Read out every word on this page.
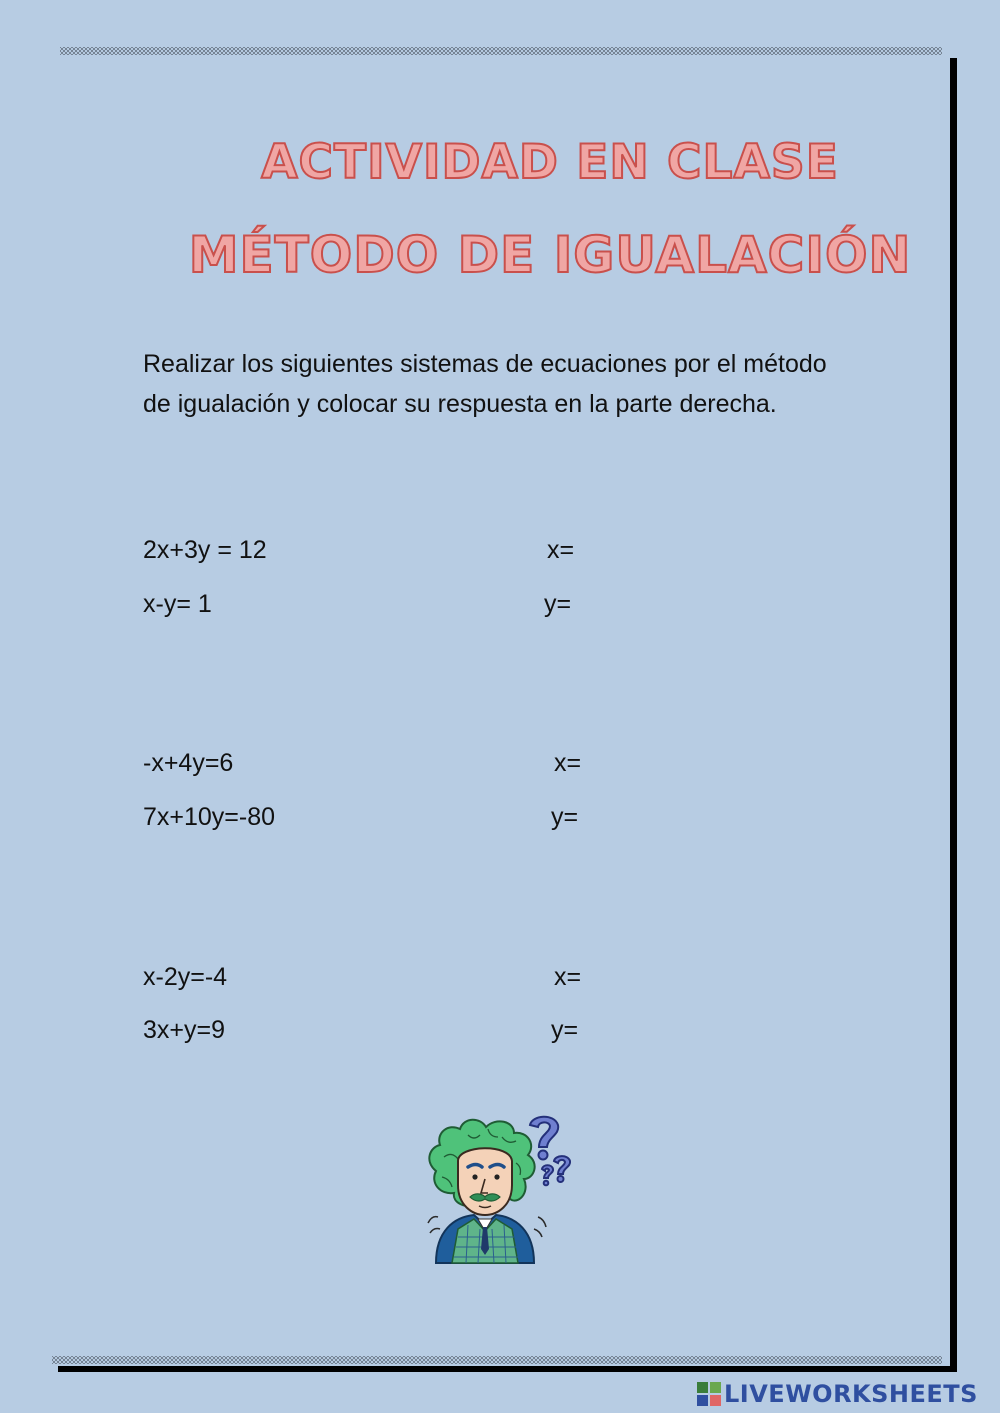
ACTIVIDAD EN CLASE
MÉTODO DE IGUALACIÓN

Realizar los siguientes sistemas de ecuaciones por el método de igualación y colocar su respuesta en la parte derecha.

2x+3y = 12	x=
x-y= 1	y=
-x+4y=6	x=
7x+10y=-80	y=
x-2y=-4	x=
3x+y=9	y=
LIVEWORKSHEETS
